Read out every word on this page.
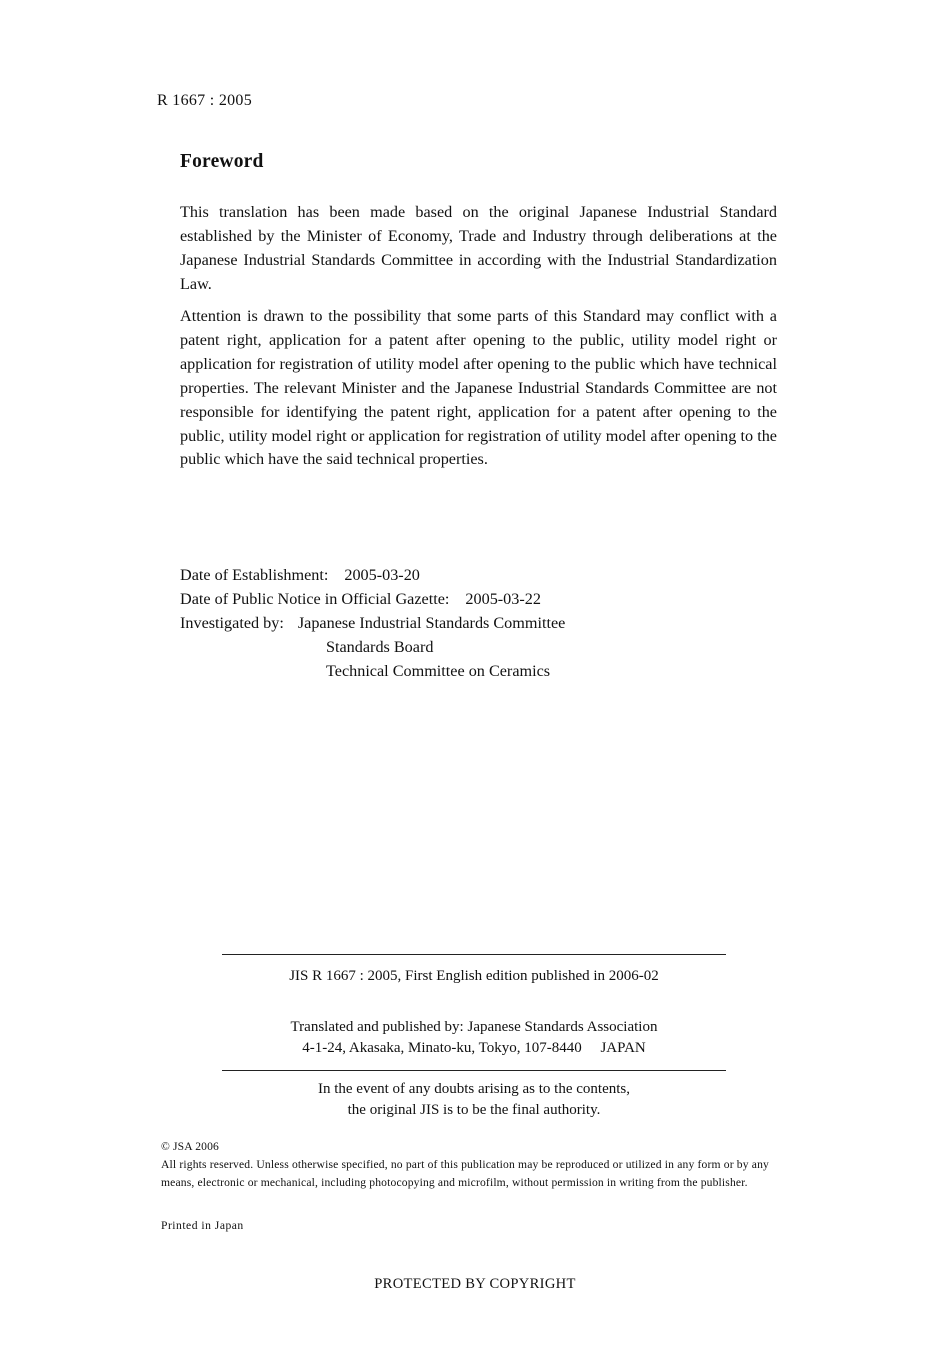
R 1667 : 2005
Foreword

This translation has been made based on the original Japanese Industrial Standard established by the Minister of Economy, Trade and Industry through deliberations at the Japanese Industrial Standards Committee in according with the Industrial Standardization Law.

Attention is drawn to the possibility that some parts of this Standard may conflict with a patent right, application for a patent after opening to the public, utility model right or application for registration of utility model after opening to the public which have technical properties. The relevant Minister and the Japanese Industrial Standards Committee are not responsible for identifying the patent right, application for a patent after opening to the public, utility model right or application for registration of utility model after opening to the public which have the said technical properties.

Date of Establishment: 2005-03-20
Date of Public Notice in Official Gazette: 2005-03-22
Investigated by: Japanese Industrial Standards Committee
Standards Board
Technical Committee on Ceramics
JIS R 1667 : 2005, First English edition published in 2006-02
Translated and published by: Japanese Standards Association
4-1-24, Akasaka, Minato-ku, Tokyo, 107-8440  JAPAN
In the event of any doubts arising as to the contents,
the original JIS is to be the final authority.
© JSA 2006
All rights reserved. Unless otherwise specified, no part of this publication may be reproduced or utilized in any form or by any means, electronic or mechanical, including photocopying and microfilm, without permission in writing from the publisher.
Printed in Japan
PROTECTED BY COPYRIGHT
